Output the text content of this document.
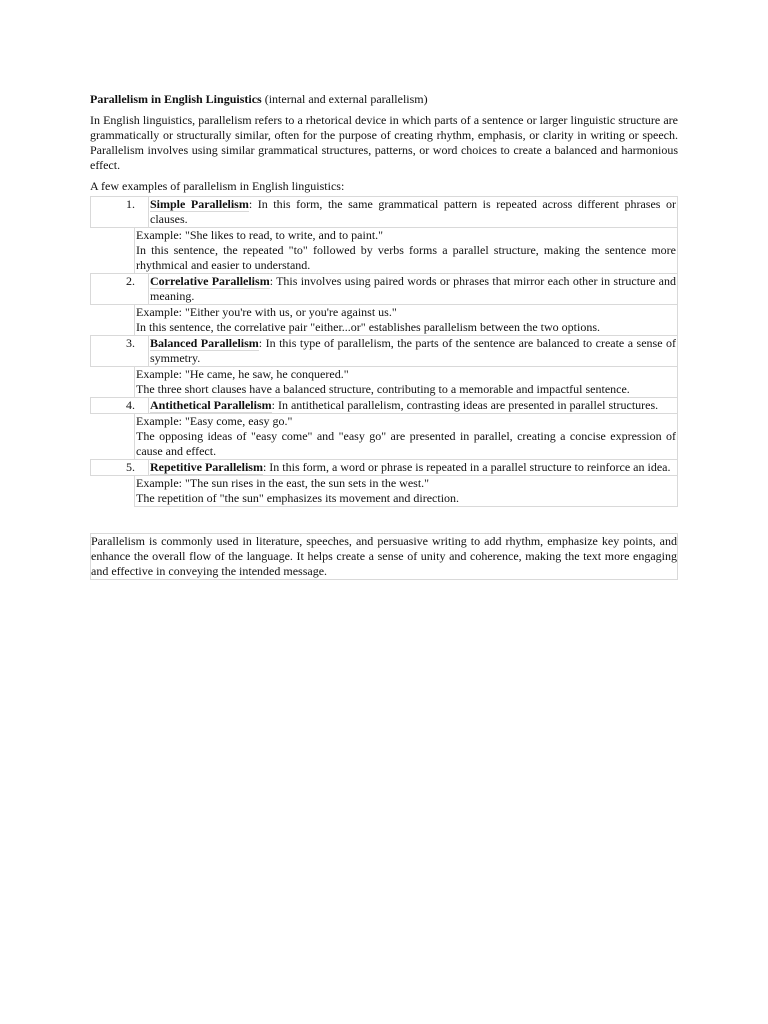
Parallelism in English Linguistics (internal and external parallelism)

In English linguistics, parallelism refers to a rhetorical device in which parts of a sentence or larger linguistic structure are grammatically or structurally similar, often for the purpose of creating rhythm, emphasis, or clarity in writing or speech. Parallelism involves using similar grammatical structures, patterns, or word choices to create a balanced and harmonious effect.

A few examples of parallelism in English linguistics:

1. Simple Parallelism: In this form, the same grammatical pattern is repeated across different phrases or clauses.
Example: "She likes to read, to write, and to paint."
In this sentence, the repeated "to" followed by verbs forms a parallel structure, making the sentence more rhythmical and easier to understand.
2. Correlative Parallelism: This involves using paired words or phrases that mirror each other in structure and meaning.
Example: "Either you're with us, or you're against us."
In this sentence, the correlative pair "either...or" establishes parallelism between the two options.
3. Balanced Parallelism: In this type of parallelism, the parts of the sentence are balanced to create a sense of symmetry.
Example: "He came, he saw, he conquered."
The three short clauses have a balanced structure, contributing to a memorable and impactful sentence.
4. Antithetical Parallelism: In antithetical parallelism, contrasting ideas are presented in parallel structures.
Example: "Easy come, easy go."
The opposing ideas of "easy come" and "easy go" are presented in parallel, creating a concise expression of cause and effect.
5. Repetitive Parallelism: In this form, a word or phrase is repeated in a parallel structure to reinforce an idea.
Example: "The sun rises in the east, the sun sets in the west."
The repetition of "the sun" emphasizes its movement and direction.

Parallelism is commonly used in literature, speeches, and persuasive writing to add rhythm, emphasize key points, and enhance the overall flow of the language. It helps create a sense of unity and coherence, making the text more engaging and effective in conveying the intended message.
